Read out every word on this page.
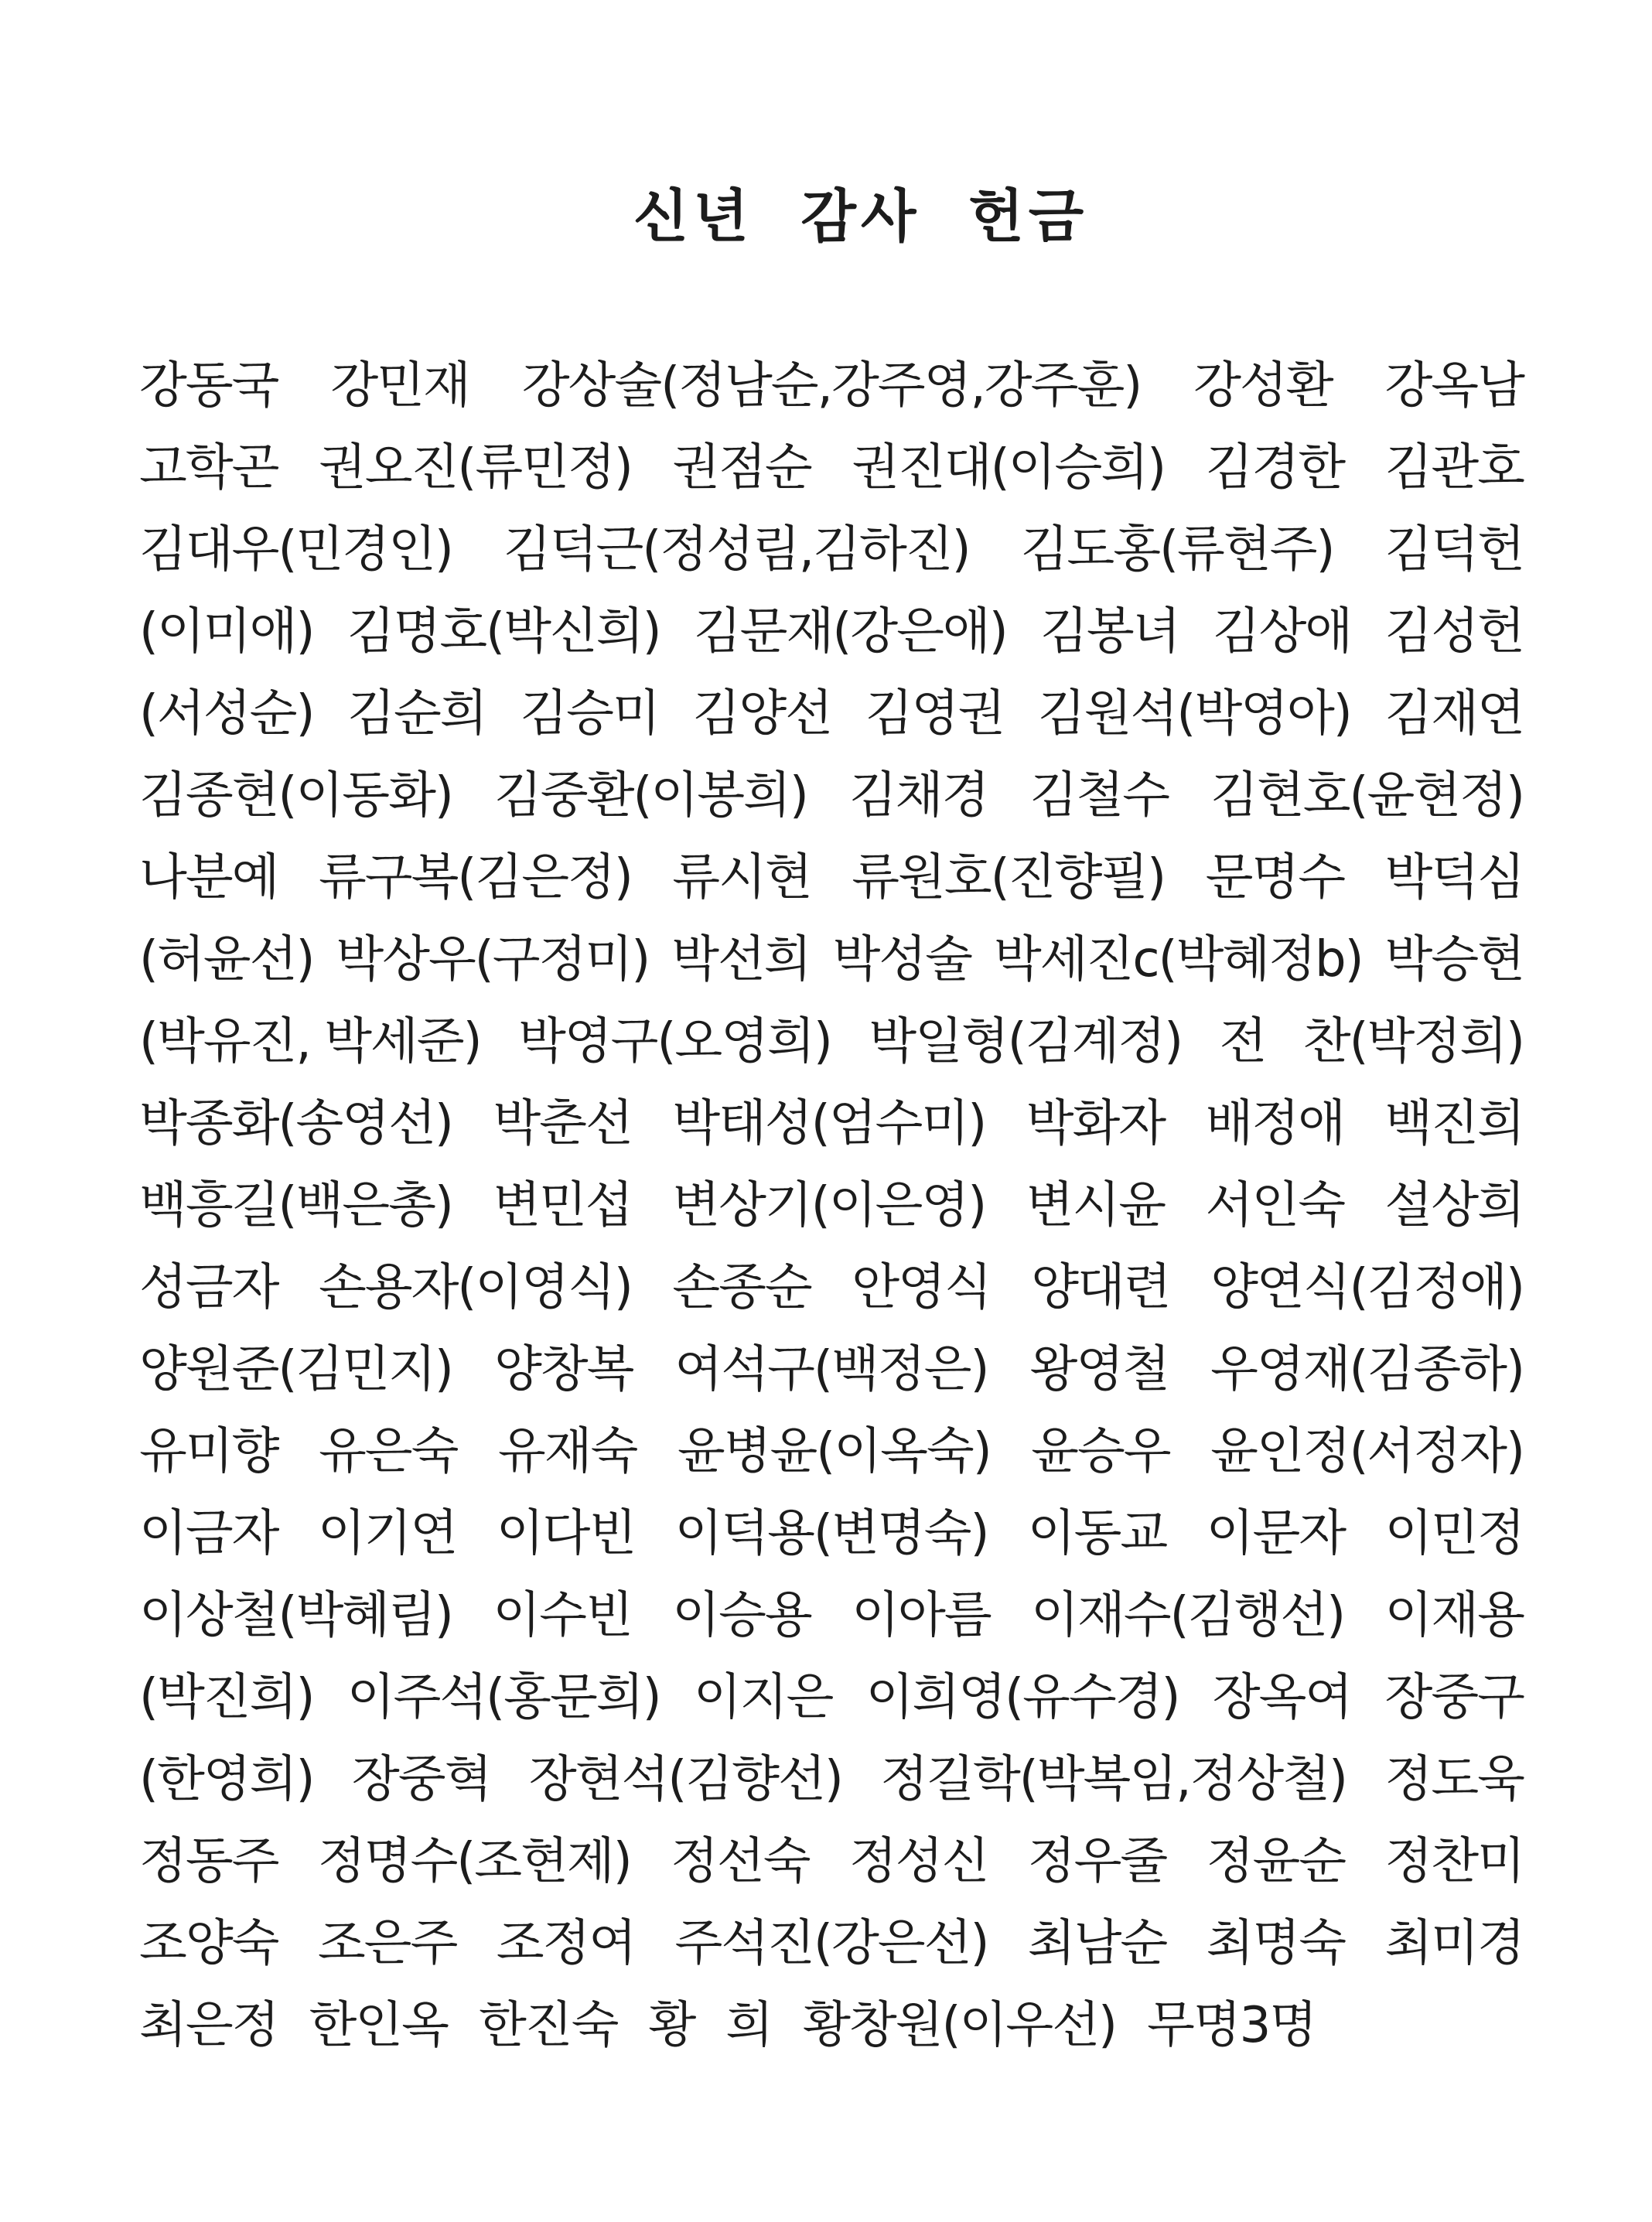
신년 감사 헌금
강동국 강민재 강상술(정남순,강주영,강주훈) 강성환 강옥남
고학곤 권오진(류민정) 권점순 권진대(이승희) 김경한 김관호
김대우(민경인) 김덕근(정성림,김하진) 김도홍(류현주) 김덕헌
(이미애) 김명호(박신희) 김문재(강은애) 김봉녀 김상애 김성헌
(서성순) 김순희 김승미 김양선 김영권 김원석(박영아) 김재연
김종현(이동화) 김중환(이봉희) 김채경 김철수 김현호(윤현정)
나분예 류구복(김은정) 류시현 류원호(진향필) 문명수 박덕심
(허윤선) 박상우(구정미) 박선희 박성술 박세진c(박혜정b) 박승현
(박유진, 박세준) 박영구(오영희) 박일형(김계정) 전 찬(박정희)
박종화(송영선) 박춘선 박태성(엄수미) 박화자 배정애 백진희
백흥길(백은총) 변민섭 변상기(이은영) 변시윤 서인숙 설상희
성금자 손용자(이영식) 손종순 안영식 양대련 양연식(김정애)
양원준(김민지) 양창복 여석구(백정은) 왕영철 우영재(김종하)
유미향 유은숙 유재숙 윤병윤(이옥숙) 윤승우 윤인정(서정자)
이금자 이기연 이다빈 이덕용(변명숙) 이동교 이문자 이민정
이상철(박혜림) 이수빈 이승용 이아름 이재수(김행선) 이재용
(박진희) 이주석(홍문희) 이지은 이희영(유수경) 장옥여 장중구
(한영희) 장중혁 장현석(김향선) 정길학(박복임,정상철) 정도욱
정동주 정명수(조현제) 정선숙 정성신 정우줄 정윤순 정찬미
조양숙 조은주 조정여 주석진(강은선) 최남순 최명숙 최미경
최은정 한인옥 한진숙 황 희 황창원(이우선) 무명3명
